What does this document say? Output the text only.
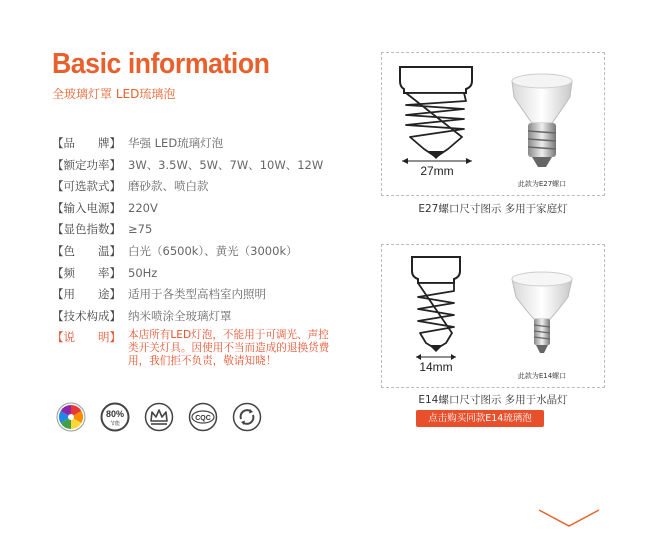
Basic information
全玻璃灯罩 LED琉璃泡
【品　　牌】 华强 LED琉璃灯泡
【额定功率】 3W、3.5W、5W、7W、10W、12W
【可选款式】 磨砂款、喷白款
【输入电源】 220V
【显色指数】 ≥75
【色　　温】 白光（6500k）、黄光（3000k）
【频　　率】 50Hz
【用　　途】 适用于各类型高档室内照明
【技术构成】 纳米喷涂全玻璃灯罩
【说　　明】 本店所有LED灯泡，不能用于可调光、声控类开关灯具。因使用不当而造成的退换货费用，我们拒不负责，敬请知晓！
80%
节能
CQC
27mm
此款为E27螺口
E27螺口尺寸图示 多用于家庭灯
14mm
此款为E14螺口
E14螺口尺寸图示 多用于水晶灯
点击购买同款E14琉璃泡
